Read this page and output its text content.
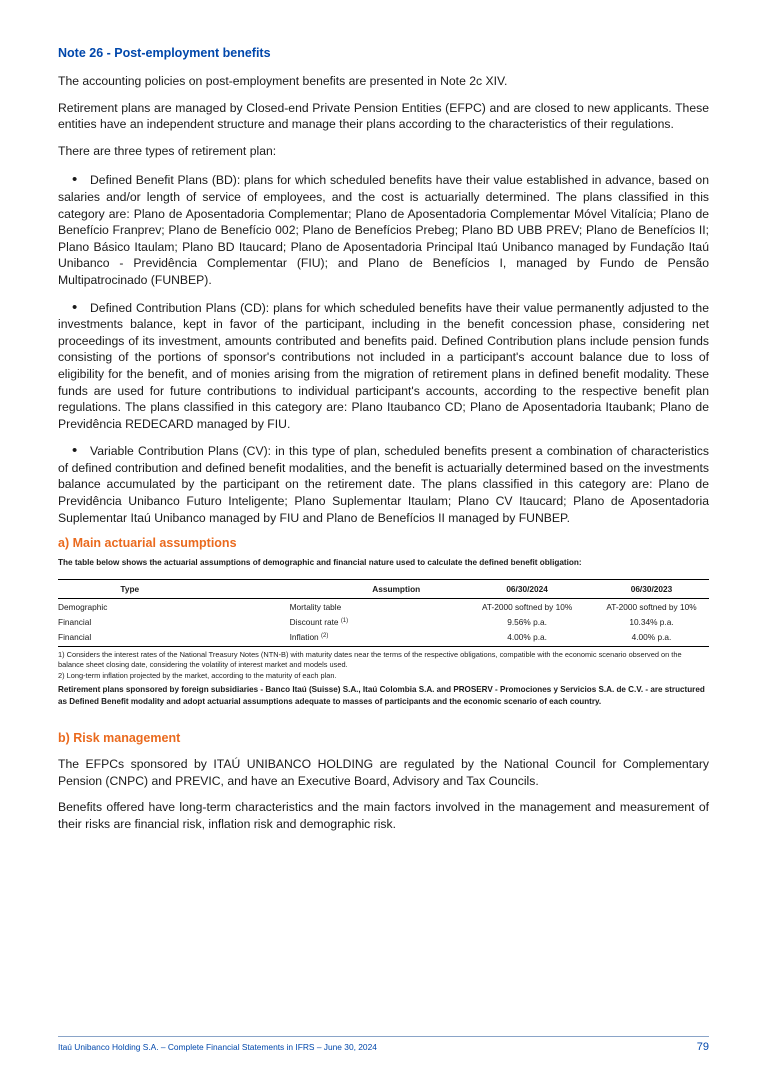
Note 26 - Post-employment benefits

The accounting policies on post-employment benefits are presented in Note 2c XIV.

Retirement plans are managed by Closed-end Private Pension Entities (EFPC) and are closed to new applicants. These entities have an independent structure and manage their plans according to the characteristics of their regulations.

There are three types of retirement plan:

• Defined Benefit Plans (BD): plans for which scheduled benefits have their value established in advance, based on salaries and/or length of service of employees, and the cost is actuarially determined. The plans classified in this category are: Plano de Aposentadoria Complementar; Plano de Aposentadoria Complementar Móvel Vitalícia; Plano de Benefício Franprev; Plano de Benefício 002; Plano de Benefícios Prebeg; Plano BD UBB PREV; Plano de Benefícios II; Plano Básico Itaulam; Plano BD Itaucard; Plano de Aposentadoria Principal Itaú Unibanco managed by Fundação Itaú Unibanco - Previdência Complementar (FIU); and Plano de Benefícios I, managed by Fundo de Pensão Multipatrocinado (FUNBEP).
• Defined Contribution Plans (CD): plans for which scheduled benefits have their value permanently adjusted to the investments balance, kept in favor of the participant, including in the benefit concession phase, considering net proceedings of its investment, amounts contributed and benefits paid. Defined Contribution plans include pension funds consisting of the portions of sponsor's contributions not included in a participant's account balance due to loss of eligibility for the benefit, and of monies arising from the migration of retirement plans in defined benefit modality. These funds are used for future contributions to individual participant's accounts, according to the respective benefit plan regulations. The plans classified in this category are: Plano Itaubanco CD; Plano de Aposentadoria Itaubank; Plano de Previdência REDECARD managed by FIU.
• Variable Contribution Plans (CV): in this type of plan, scheduled benefits present a combination of characteristics of defined contribution and defined benefit modalities, and the benefit is actuarially determined based on the investments balance accumulated by the participant on the retirement date. The plans classified in this category are: Plano de Previdência Unibanco Futuro Inteligente; Plano Suplementar Itaulam; Plano CV Itaucard; Plano de Aposentadoria Suplementar Itaú Unibanco managed by FIU and Plano de Benefícios II managed by FUNBEP.
a) Main actuarial assumptions
The table below shows the actuarial assumptions of demographic and financial nature used to calculate the defined benefit obligation:
Type	Assumption	06/30/2024	06/30/2023
Demographic	Mortality table	AT-2000 softned by 10%	AT-2000 softned by 10%
Financial	Discount rate $^{(1)}$	9.56% p.a.	10.34% p.a.
Financial	Inflation $^{(2)}$	4.00% p.a.	4.00% p.a.
1) Considers the interest rates of the National Treasury Notes (NTN-B) with maturity dates near the terms of the respective obligations, compatible with the economic scenario observed on the balance sheet closing date, considering the volatility of interest market and models used.
2) Long-term inflation projected by the market, according to the maturity of each plan.
Retirement plans sponsored by foreign subsidiaries - Banco Itaú (Suisse) S.A., Itaú Colombia S.A. and PROSERV - Promociones y Servicios S.A. de C.V. - are structured as Defined Benefit modality and adopt actuarial assumptions adequate to masses of participants and the economic scenario of each country.
b) Risk management

The EFPCs sponsored by ITAÚ UNIBANCO HOLDING are regulated by the National Council for Complementary Pension (CNPC) and PREVIC, and have an Executive Board, Advisory and Tax Councils.

Benefits offered have long-term characteristics and the main factors involved in the management and measurement of their risks are financial risk, inflation risk and demographic risk.

Itaú Unibanco Holding S.A. – Complete Financial Statements in IFRS – June 30, 2024	79
